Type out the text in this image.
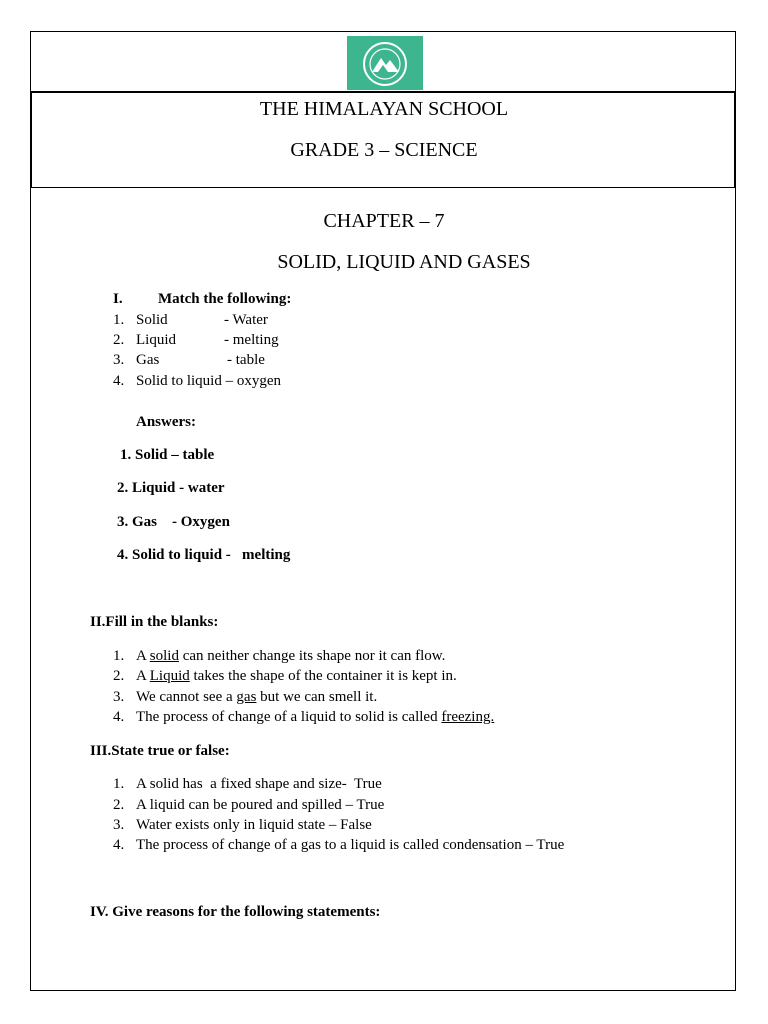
THE HIMALAYAN SCHOOL
GRADE 3 – SCIENCE
CHAPTER – 7
SOLID, LIQUID AND GASES
I. Match the following:
1. Solid	- Water
2. Liquid	- melting
3. Gas	- table
4. Solid to liquid – oxygen
Answers:
1. Solid – table
2. Liquid - water
3. Gas    - Oxygen
4. Solid to liquid -   melting
II.Fill in the blanks:
1. A solid can neither change its shape nor it can flow.
2. A Liquid takes the shape of the container it is kept in.
3. We cannot see a gas but we can smell it.
4. The process of change of a liquid to solid is called freezing.
III.State true or false:
1. A solid has  a fixed shape and size-  True
2. A liquid can be poured and spilled – True
3. Water exists only in liquid state – False
4. The process of change of a gas to a liquid is called condensation – True
IV. Give reasons for the following statements:
